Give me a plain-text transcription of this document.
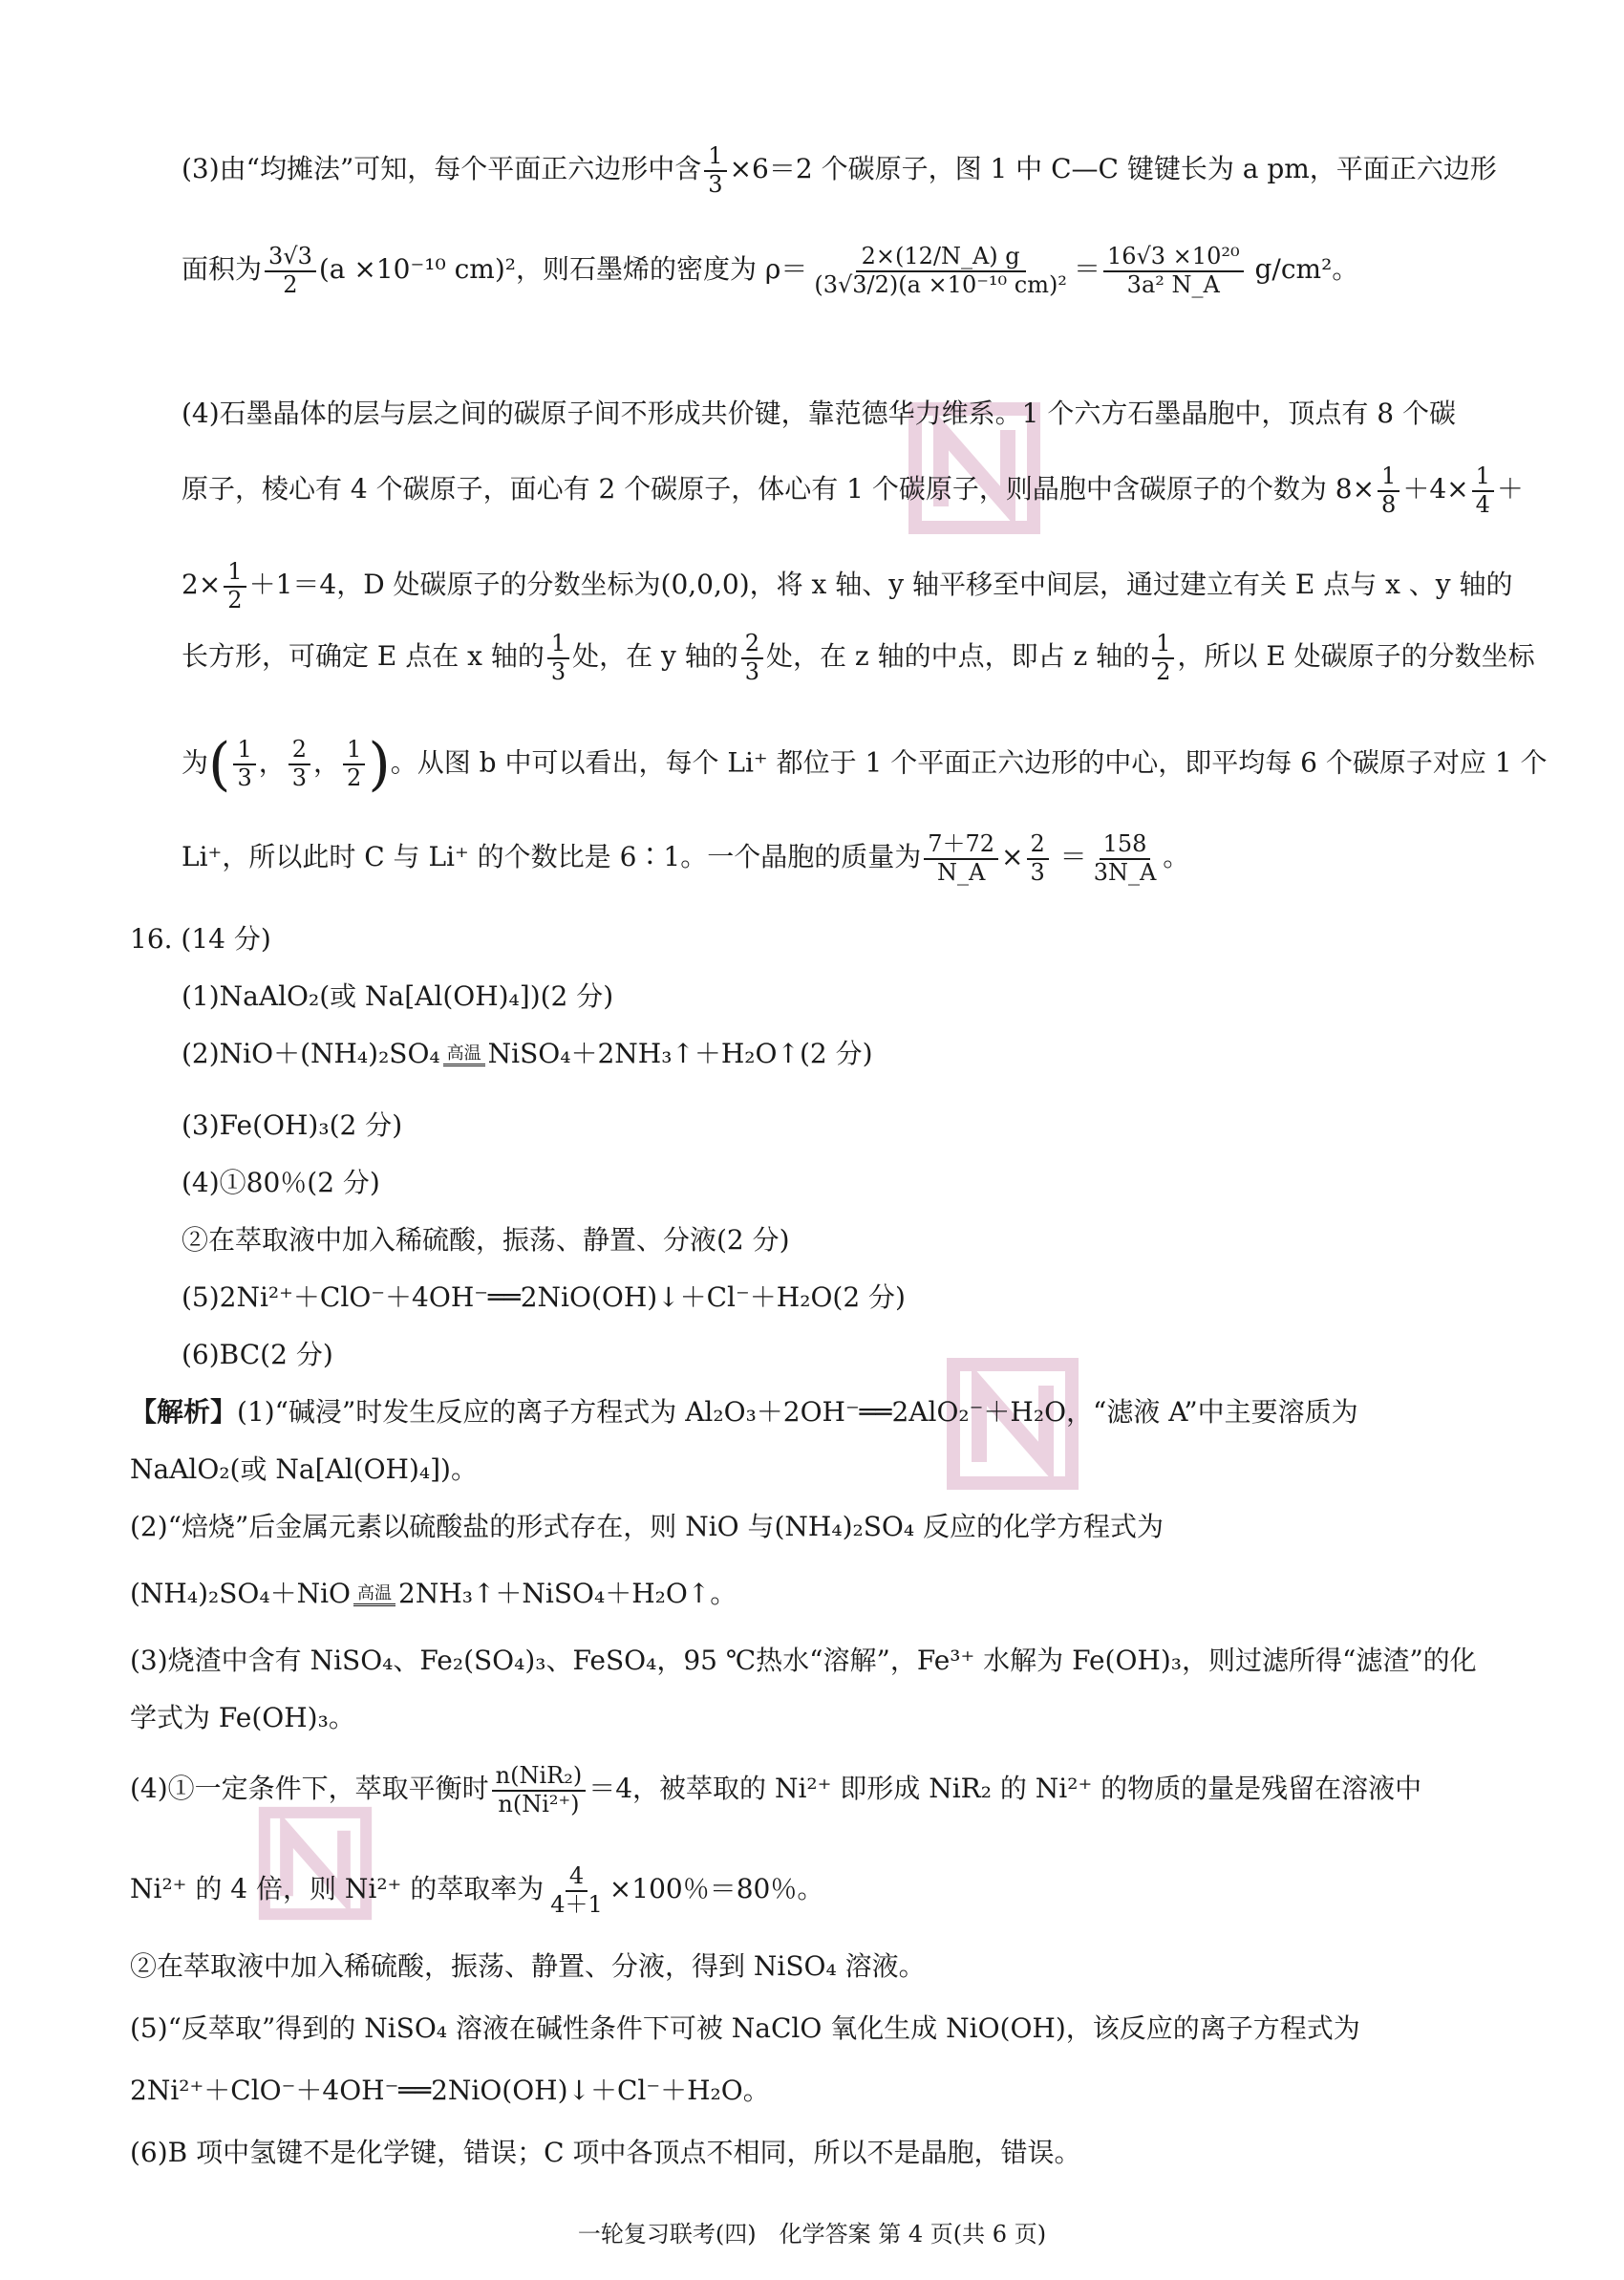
(3)由“均摊法”可知，每个平面正六边形中含 $\frac{1}{3} \times 6=2$ 个碳原子，图 1 中 C—C 键键长为 a pm，平面正六边形
面积为 $\frac{3√3}{2} (a \times 10^{-10}$ cm)²，则石墨烯的密度为 $\rho= \frac{2\times(12/N\_A) g}{\text{(3√3/2)(a ×10⁻¹⁰ cm)²}} = \frac{\text{16√3 ×10²⁰}}{\text{3a² N\_A}} g/cm^2$。
(4)石墨晶体的层与层之间的碳原子间不形成共价键，靠范德华力维系。1 个六方石墨晶胞中，顶点有 8 个碳
原子，棱心有 4 个碳原子，面心有 2 个碳原子，体心有 1 个碳原子，则晶胞中含碳原子的个数为 $8\times \frac{1}{8} +4\times \frac{1}{4}$ ＋
$2\times \frac{1}{2} +1=4$，D 处碳原子的分数坐标为(0,0,0)，将 x 轴、y 轴平移至中间层，通过建立有关 E 点与 x 、y 轴的
长方形，可确定 E 点在 x 轴的 $\frac{1}{3}$ 处，在 y 轴的 $\frac{2}{3}$ 处，在 z 轴的中点，即占 z 轴的 $\frac{1}{2}$ ，所以 E 处碳原子的分数坐标
为( $\frac{1}{3}$ ， $\frac{2}{3}$ ， $\frac{1}{2}$ )。从图 b 中可以看出，每个 Li⁺ 都位于 1 个平面正六边形的中心，即平均每 6 个碳原子对应 1 个
Li⁺，所以此时 C 与 Li⁺ 的个数比是 6∶1。一个晶胞的质量为 $\frac{7+72}{N\_A} \times \frac{2}{3} = \frac{158}{3N\_A}$ 。
16. (14 分)
(1)NaAlO₂(或 Na[Al(OH)₄])(2 分)
(2)NiO＋(NH₄)₂SO₄ 高温 NiSO₄＋2NH₃↑＋H₂O↑(2 分)
(3)Fe(OH)₃(2 分)
(4)①80％(2 分)
②在萃取液中加入稀硫酸，振荡、静置、分液(2 分)
(5)2Ni²⁺＋ClO⁻＋4OH⁻══2NiO(OH)↓＋Cl⁻＋H₂O(2 分)
(6)BC(2 分)
【解析】(1)“碱浸”时发生反应的离子方程式为 Al₂O₃＋2OH⁻══2AlO₂⁻＋H₂O，“滤液 A”中主要溶质为
NaAlO₂(或 Na[Al(OH)₄])。
(2)“焙烧”后金属元素以硫酸盐的形式存在，则 NiO 与(NH₄)₂SO₄ 反应的化学方程式为
(NH₄)₂SO₄＋NiO 高温 2NH₃↑＋NiSO₄＋H₂O↑。
(3)烧渣中含有 NiSO₄、Fe₂(SO₄)₃、FeSO₄，95 ℃热水“溶解”，Fe³⁺ 水解为 Fe(OH)₃，则过滤所得“滤渣”的化
学式为 Fe(OH)₃。
(4)①一定条件下，萃取平衡时 $\frac{\text{n(NiR₂)}}{\text{n(Ni²⁺)}} =4$，被萃取的 Ni²⁺ 即形成 NiR₂ 的 Ni²⁺ 的物质的量是残留在溶液中
Ni²⁺ 的 4 倍，则 Ni²⁺ 的萃取率为 $\frac{4}{4+1} \times 100$％＝80％。
②在萃取液中加入稀硫酸，振荡、静置、分液，得到 NiSO₄ 溶液。
(5)“反萃取”得到的 NiSO₄ 溶液在碱性条件下可被 NaClO 氧化生成 NiO(OH)，该反应的离子方程式为
2Ni²⁺＋ClO⁻＋4OH⁻══2NiO(OH)↓＋Cl⁻＋H₂O。
(6)B 项中氢键不是化学键，错误；C 项中各顶点不相同，所以不是晶胞，错误。
一轮复习联考(四)　化学答案 第 4 页(共 6 页)
